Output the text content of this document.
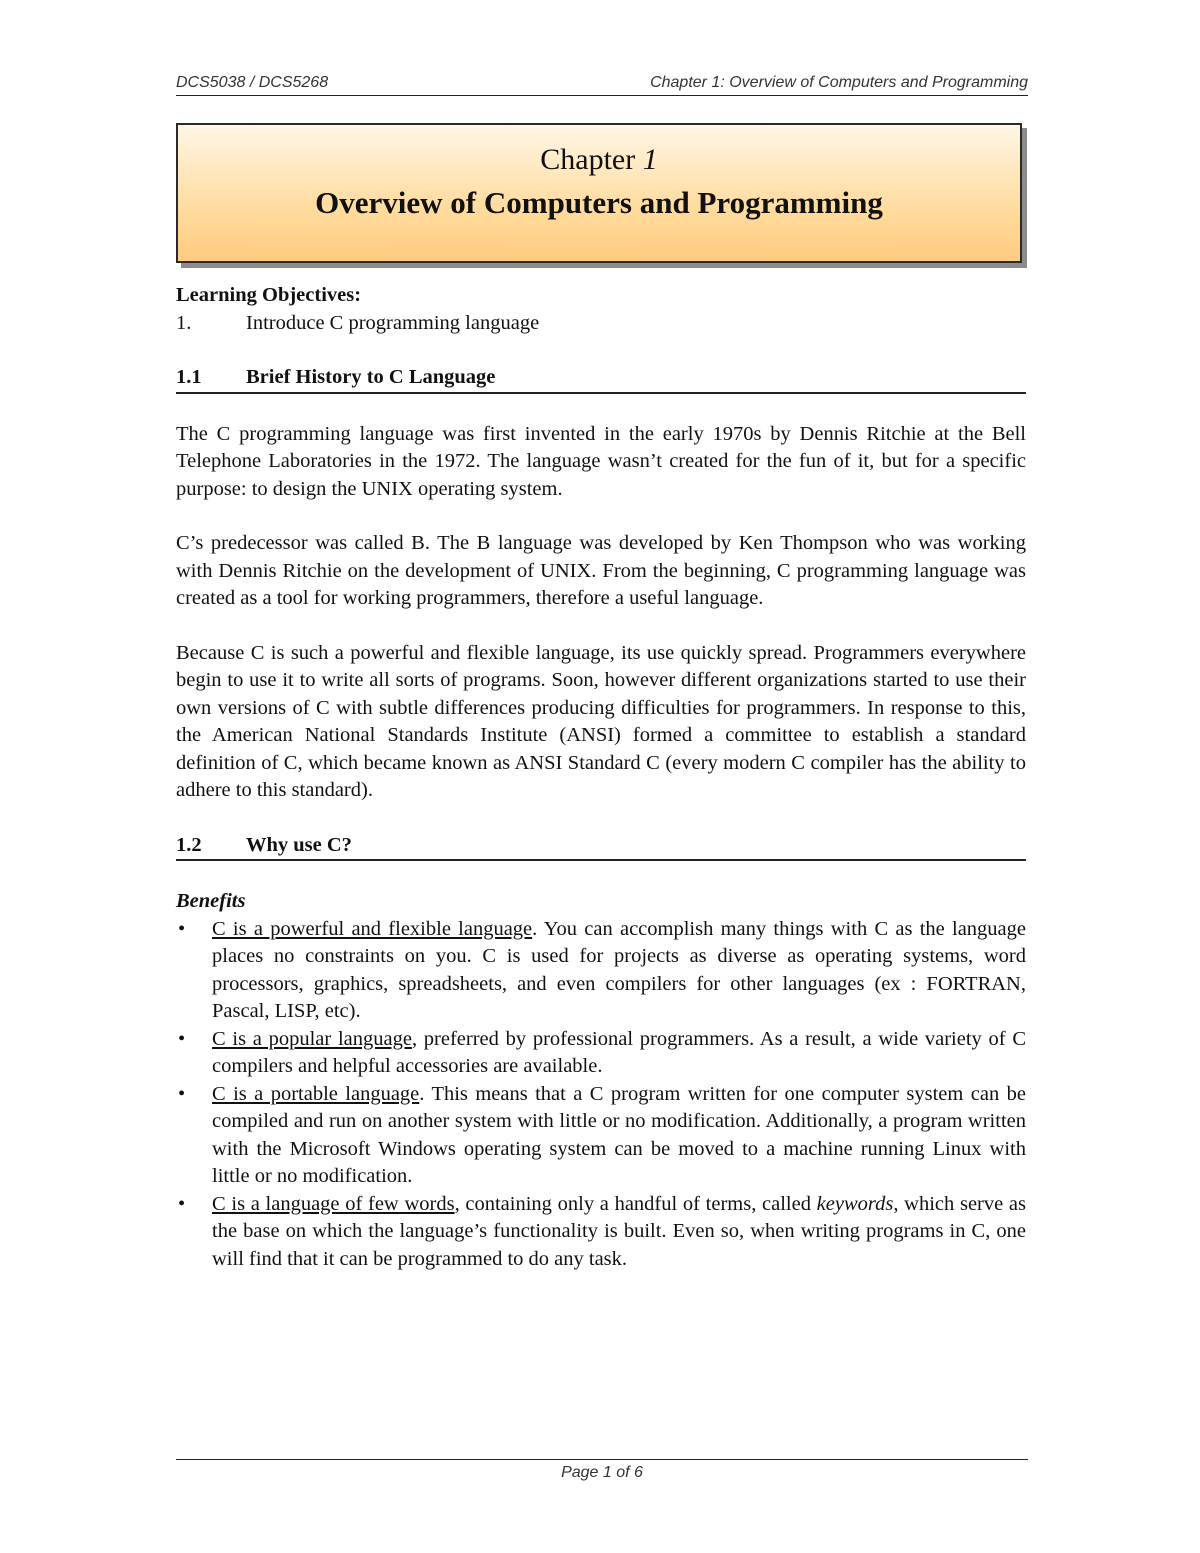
DCS5038 / DCS5268	Chapter 1: Overview of Computers and Programming
Chapter 1
Overview of Computers and Programming
Learning Objectives:
1.	Introduce C programming language
1.1	Brief History to C Language
The C programming language was first invented in the early 1970s by Dennis Ritchie at the Bell Telephone Laboratories in the 1972. The language wasn’t created for the fun of it, but for a specific purpose: to design the UNIX operating system.
C’s predecessor was called B. The B language was developed by Ken Thompson who was working with Dennis Ritchie on the development of UNIX. From the beginning, C programming language was created as a tool for working programmers, therefore a useful language.
Because C is such a powerful and flexible language, its use quickly spread. Programmers everywhere begin to use it to write all sorts of programs. Soon, however different organizations started to use their own versions of C with subtle differences producing difficulties for programmers. In response to this, the American National Standards Institute (ANSI) formed a committee to establish a standard definition of C, which became known as ANSI Standard C (every modern C compiler has the ability to adhere to this standard).
1.2	Why use C?
Benefits
• C is a powerful and flexible language. You can accomplish many things with C as the language places no constraints on you. C is used for projects as diverse as operating systems, word processors, graphics, spreadsheets, and even compilers for other languages (ex : FORTRAN, Pascal, LISP, etc).
• C is a popular language, preferred by professional programmers. As a result, a wide variety of C compilers and helpful accessories are available.
• C is a portable language. This means that a C program written for one computer system can be compiled and run on another system with little or no modification. Additionally, a program written with the Microsoft Windows operating system can be moved to a machine running Linux with little or no modification.
• C is a language of few words, containing only a handful of terms, called keywords, which serve as the base on which the language’s functionality is built. Even so, when writing programs in C, one will find that it can be programmed to do any task.
Page 1 of 6
